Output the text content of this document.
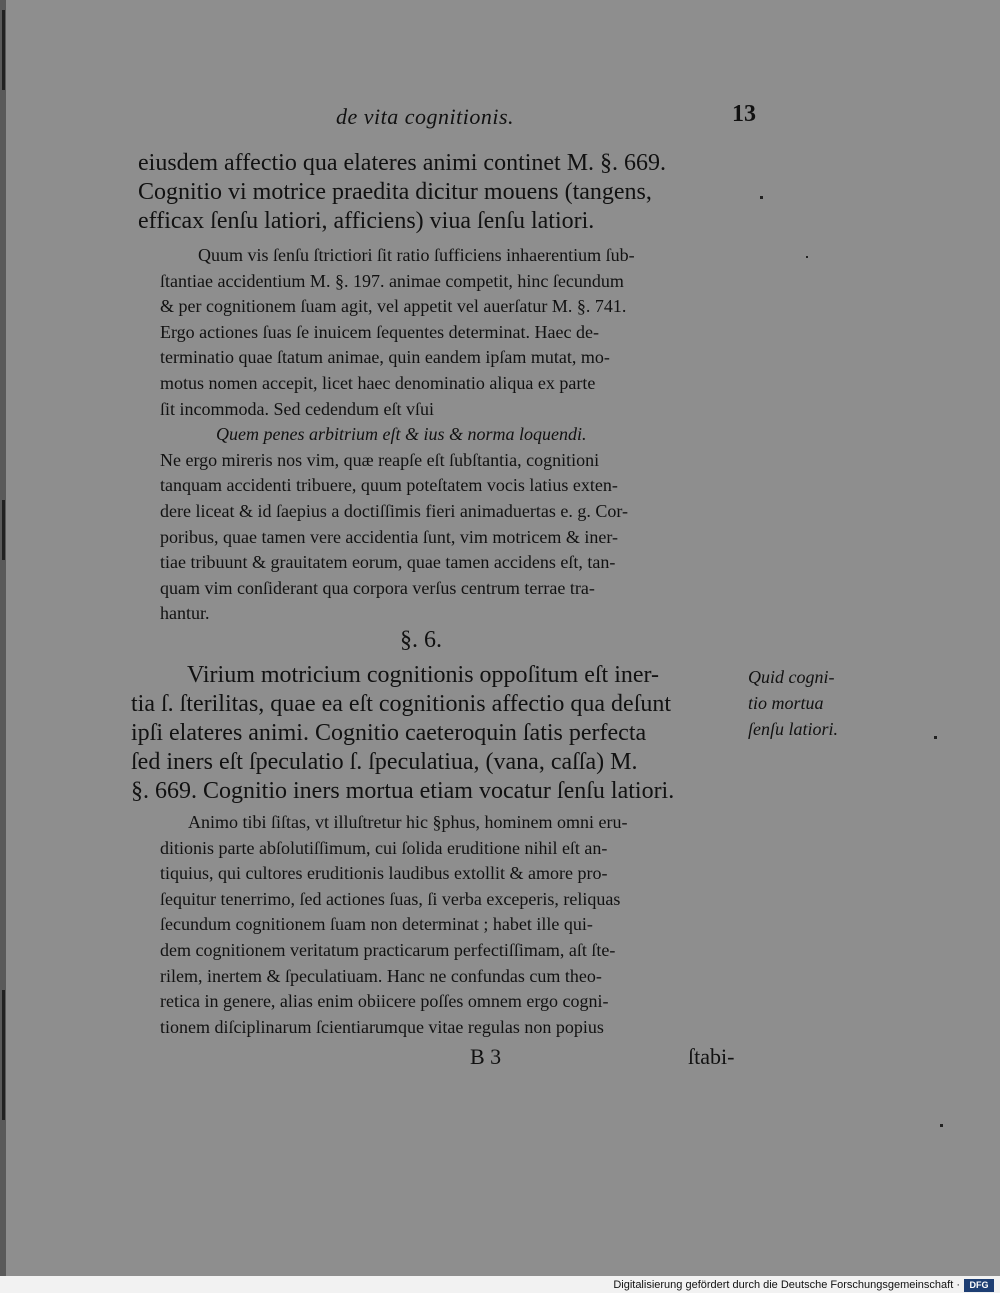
de vita cognitionis.	13
eiusdem affectio qua elateres animi continet M. §. 669.
Cognitio vi motrice praedita dicitur mouens (tangens,
efficax ſenſu latiori, afficiens) viua ſenſu latiori.
Quum vis ſenſu ſtrictiori ſit ratio ſufficiens inhaerentium ſub-
ſtantiae accidentium M. §. 197. animae competit, hinc ſecundum
& per cognitionem ſuam agit, vel appetit vel auerſatur M. §. 741.
Ergo actiones ſuas ſe inuicem ſequentes determinat. Haec de-
terminatio quae ſtatum animae, quin eandem ipſam mutat, mo-
motus nomen accepit, licet haec denominatio aliqua ex parte
ſit incommoda. Sed cedendum eſt vſui
Quem penes arbitrium eſt & ius & norma loquendi.
Ne ergo mireris nos vim, quæ reapſe eſt ſubſtantia, cognitioni
tanquam accidenti tribuere, quum poteſtatem vocis latius exten-
dere liceat & id ſaepius a doctiſſimis fieri animaduertas e. g. Cor-
poribus, quae tamen vere accidentia ſunt, vim motricem & iner-
tiae tribuunt & grauitatem eorum, quae tamen accidens eſt, tan-
quam vim conſiderant qua corpora verſus centrum terrae tra-
hantur.
§. 6.
Virium motricium cognitionis oppoſitum eſt iner-
tia ſ. ſterilitas, quae ea eſt cognitionis affectio qua deſunt
ipſi elateres animi. Cognitio caeteroquin ſatis perfecta
ſed iners eſt ſpeculatio ſ. ſpeculatiua, (vana, caſſa) M.
§. 669. Cognitio iners mortua etiam vocatur ſenſu latiori.
Quid cogni-
tio mortua
ſenſu latiori.
Animo tibi ſiſtas, vt illuſtretur hic §phus, hominem omni eru-
ditionis parte abſolutiſſimum, cui ſolida eruditione nihil eſt an-
tiquius, qui cultores eruditionis laudibus extollit & amore pro-
ſequitur tenerrimo, ſed actiones ſuas, ſi verba exceperis, reliquas
ſecundum cognitionem ſuam non determinat ; habet ille qui-
dem cognitionem veritatum practicarum perfectiſſimam, aſt ſte-
rilem, inertem & ſpeculatiuam. Hanc ne confundas cum theo-
retica in genere, alias enim obiicere poſſes omnem ergo cogni-
tionem diſciplinarum ſcientiarumque vitae regulas non popius
B 3	ſtabi-
Digitalisierung gefördert durch die Deutsche Forschungsgemeinschaft ·	DFG
